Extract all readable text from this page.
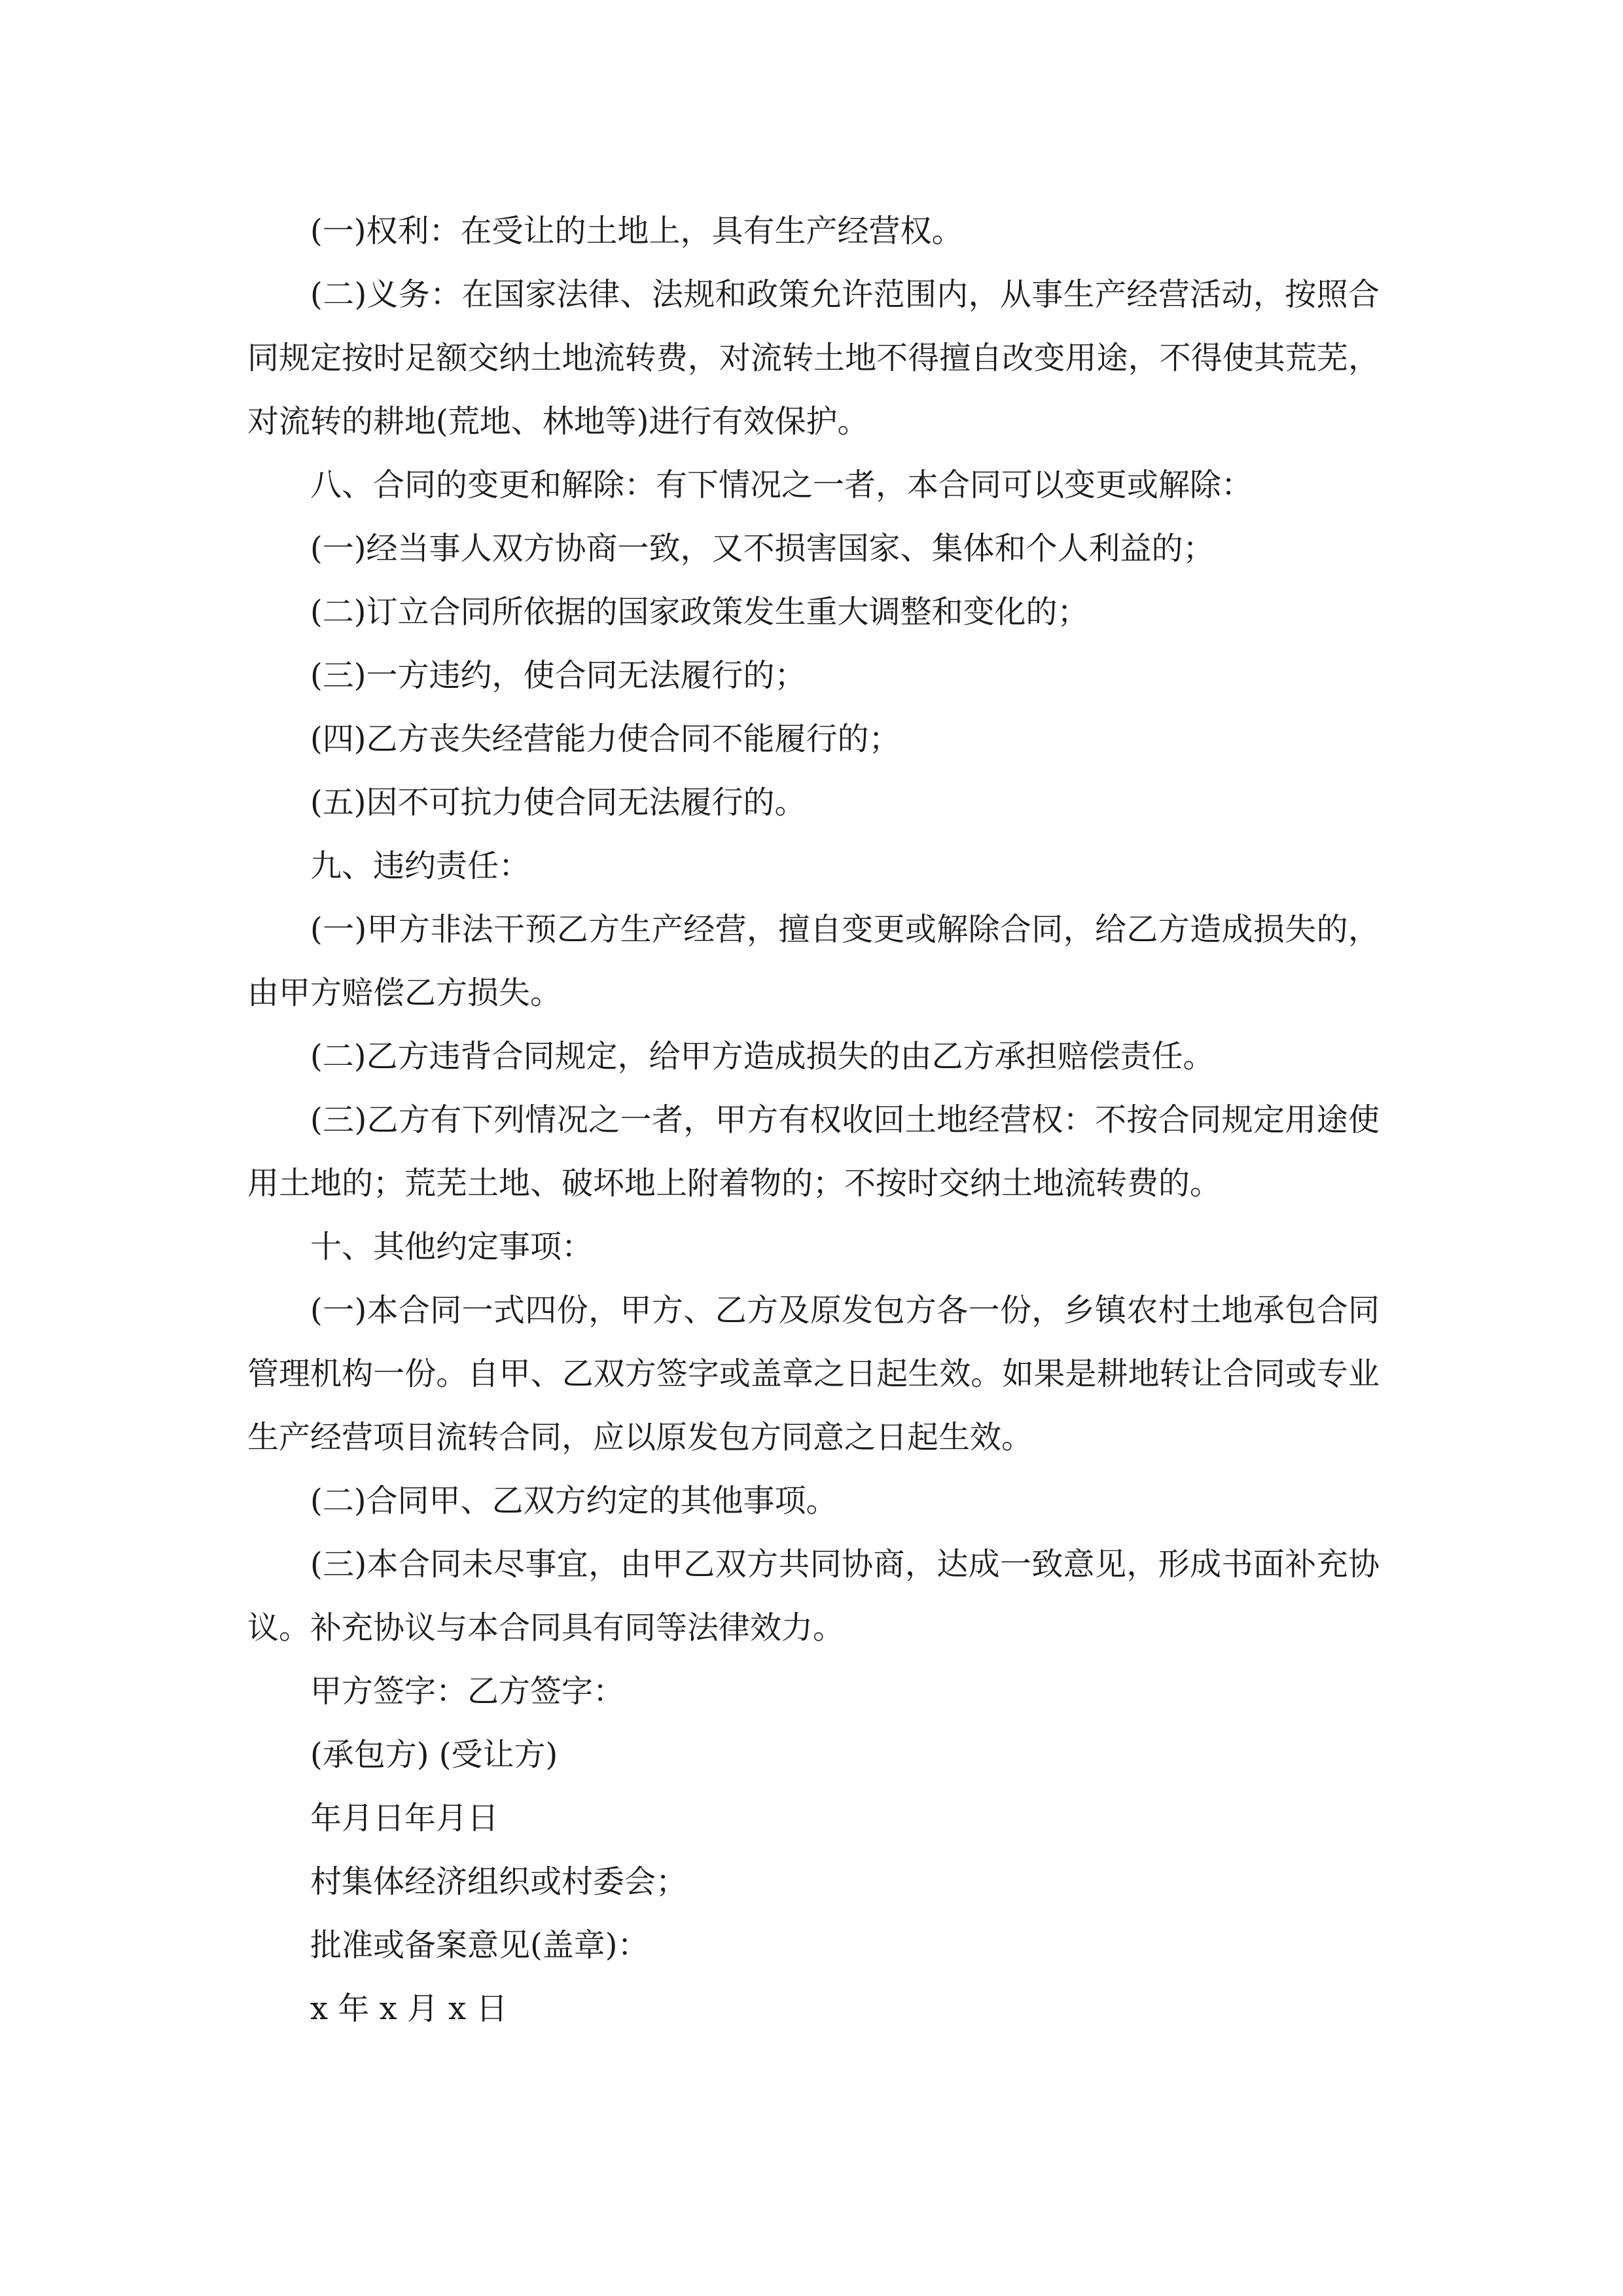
(一)权利：在受让的土地上，具有生产经营权。

(二)义务：在国家法律、法规和政策允许范围内，从事生产经营活动，按照合同规定按时足额交纳土地流转费，对流转土地不得擅自改变用途，不得使其荒芜，对流转的耕地(荒地、林地等)进行有效保护。

八、合同的变更和解除：有下情况之一者，本合同可以变更或解除：

(一)经当事人双方协商一致，又不损害国家、集体和个人利益的；

(二)订立合同所依据的国家政策发生重大调整和变化的；

(三)一方违约，使合同无法履行的；

(四)乙方丧失经营能力使合同不能履行的；

(五)因不可抗力使合同无法履行的。

九、违约责任：

(一)甲方非法干预乙方生产经营，擅自变更或解除合同，给乙方造成损失的，由甲方赔偿乙方损失。

(二)乙方违背合同规定，给甲方造成损失的由乙方承担赔偿责任。

(三)乙方有下列情况之一者，甲方有权收回土地经营权：不按合同规定用途使用土地的；荒芜土地、破坏地上附着物的；不按时交纳土地流转费的。

十、其他约定事项：

(一)本合同一式四份，甲方、乙方及原发包方各一份，乡镇农村土地承包合同管理机构一份。自甲、乙双方签字或盖章之日起生效。如果是耕地转让合同或专业生产经营项目流转合同，应以原发包方同意之日起生效。

(二)合同甲、乙双方约定的其他事项。

(三)本合同未尽事宜，由甲乙双方共同协商，达成一致意见，形成书面补充协议。补充协议与本合同具有同等法律效力。

甲方签字：乙方签字：

(承包方) (受让方)

年月日年月日

村集体经济组织或村委会；

批准或备案意见(盖章)：

x 年 x 月 x 日
